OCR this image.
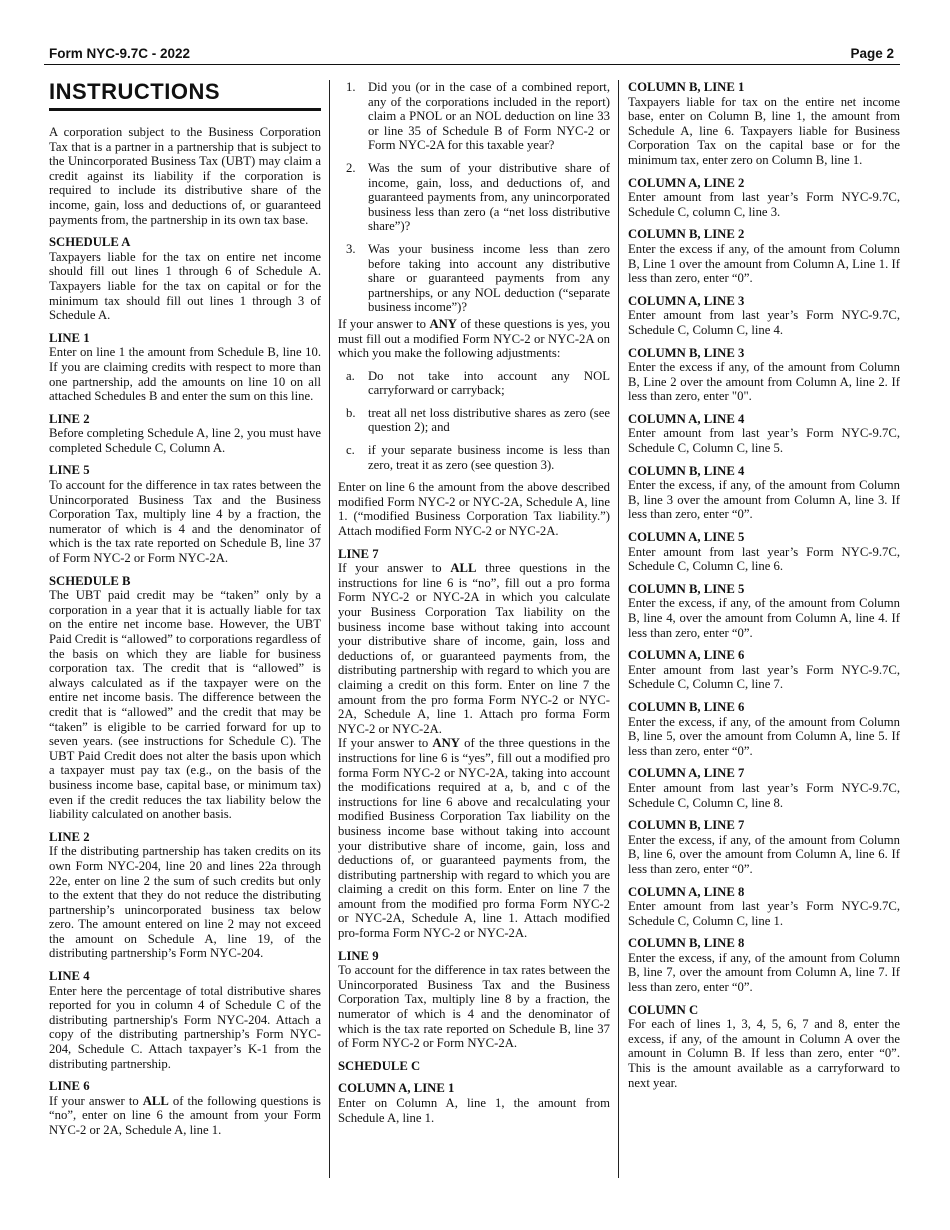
Form NYC-9.7C - 2022	Page 2
INSTRUCTIONS

A corporation subject to the Business Corporation Tax that is a partner in a partnership that is subject to the Unincorporated Business Tax (UBT) may claim a credit against its liability if the corporation is required to include its distributive share of the income, gain, loss and deductions of, or guaranteed payments from, the partnership in its own tax base.

SCHEDULE A

Taxpayers liable for the tax on entire net income should fill out lines 1 through 6 of Schedule A. Taxpayers liable for the tax on capital or for the minimum tax should fill out lines 1 through 3 of Schedule A.

LINE 1

Enter on line 1 the amount from Schedule B, line 10. If you are claiming credits with respect to more than one partnership, add the amounts on line 10 on all attached Schedules B and enter the sum on this line.

LINE 2

Before completing Schedule A, line 2, you must have completed Schedule C, Column A.

LINE 5

To account for the difference in tax rates between the Unincorporated Business Tax and the Business Corporation Tax, multiply line 4 by a fraction, the numerator of which is 4 and the denominator of which is the tax rate reported on Schedule B, line 37 of Form NYC-2 or Form NYC-2A.

SCHEDULE B

The UBT paid credit may be “taken” only by a corporation in a year that it is actually liable for tax on the entire net income base. However, the UBT Paid Credit is “allowed” to corporations regardless of the basis on which they are liable for business corporation tax. The credit that is “allowed” is always calculated as if the taxpayer were on the entire net income basis. The difference between the credit that is “allowed” and the credit that may be “taken” is eligible to be carried forward for up to seven years. (see instructions for Schedule C). The UBT Paid Credit does not alter the basis upon which a taxpayer must pay tax (e.g., on the basis of the business income base, capital base, or minimum tax) even if the credit reduces the tax liability below the liability calculated on another basis.

LINE 2

If the distributing partnership has taken credits on its own Form NYC-204, line 20 and lines 22a through 22e, enter on line 2 the sum of such credits but only to the extent that they do not reduce the distributing partnership’s unincorporated business tax below zero. The amount entered on line 2 may not exceed the amount on Schedule A, line 19, of the distributing partnership’s Form NYC-204.

LINE 4

Enter here the percentage of total distributive shares reported for you in column 4 of Schedule C of the distributing partnership's Form NYC-204. Attach a copy of the distributing partnership’s Form NYC-204, Schedule C. Attach taxpayer’s K-1 from the distributing partnership.

LINE 6

If your answer to ALL of the following questions is “no”, enter on line 6 the amount from your Form NYC-2 or 2A, Schedule A, line 1.

1. Did you (or in the case of a combined report, any of the corporations included in the report) claim a PNOL or an NOL deduction on line 33 or line 35 of Schedule B of Form NYC-2 or Form NYC-2A for this taxable year?
2. Was the sum of your distributive share of income, gain, loss, and deductions of, and guaranteed payments from, any unincorporated business less than zero (a “net loss distributive share”)?
3. Was your business income less than zero before taking into account any distributive share or guaranteed payments from any partnerships, or any NOL deduction (“separate business income”)?

If your answer to ANY of these questions is yes, you must fill out a modified Form NYC-2 or NYC-2A on which you make the following adjustments:

a.	Do not take into account any NOL carryforward or carryback;
b. treat all net loss distributive shares as zero (see question 2); and
c.	if your separate business income is less than zero, treat it as zero (see question 3).

Enter on line 6 the amount from the above described modified Form NYC-2 or NYC-2A, Schedule A, line 1. (“modified Business Corporation Tax liability.”) Attach modified Form NYC-2 or NYC-2A.

LINE 7

If your answer to ALL three questions in the instructions for line 6 is “no”, fill out a pro forma Form NYC-2 or NYC-2A in which you calculate your Business Corporation Tax liability on the business income base without taking into account your distributive share of income, gain, loss and deductions of, or guaranteed payments from, the distributing partnership with regard to which you are claiming a credit on this form. Enter on line 7 the amount from the pro forma Form NYC-2 or NYC-2A, Schedule A, line 1. Attach pro forma Form NYC-2 or NYC-2A.

If your answer to ANY of the three questions in the instructions for line 6 is “yes”, fill out a modified pro forma Form NYC-2 or NYC-2A, taking into account the modifications required at a, b, and c of the instructions for line 6 above and recalculating your modified Business Corporation Tax liability on the business income base without taking into account your distributive share of income, gain, loss and deductions of, or guaranteed payments from, the distributing partnership with regard to which you are claiming a credit on this form. Enter on line 7 the amount from the modified pro forma Form NYC-2 or NYC-2A, Schedule A, line 1. Attach modified pro-forma Form NYC-2 or NYC-2A.

LINE 9

To account for the difference in tax rates between the Unincorporated Business Tax and the Business Corporation Tax, multiply line 8 by a fraction, the numerator of which is 4 and the denominator of which is the tax rate reported on Schedule B, line 37 of Form NYC-2 or Form NYC-2A.

SCHEDULE C
COLUMN A, LINE 1

Enter on Column A, line 1, the amount from Schedule A, line 1.

COLUMN B, LINE 1

Taxpayers liable for tax on the entire net income base, enter on Column B, line 1, the amount from Schedule A, line 6. Taxpayers liable for Business Corporation Tax on the capital base or for the minimum tax, enter zero on Column B, line 1.

COLUMN A, LINE 2

Enter amount from last year’s Form NYC-9.7C, Schedule C, column C, line 3.

COLUMN B, LINE 2

Enter the excess if any, of the amount from Column B, Line 1 over the amount from Column A, Line 1. If less than zero, enter “0”.

COLUMN A, LINE 3

Enter amount from last year’s Form NYC-9.7C, Schedule C, Column C, line 4.

COLUMN B, LINE 3

Enter the excess if any, of the amount from Column B, Line 2 over the amount from Column A, line 2. If less than zero, enter "0".

COLUMN A, LINE 4

Enter amount from last year’s Form NYC-9.7C, Schedule C, Column C, line 5.

COLUMN B, LINE 4

Enter the excess, if any, of the amount from Column B, line 3 over the amount from Column A, line 3. If less than zero, enter “0”.

COLUMN A, LINE 5

Enter amount from last year’s Form NYC-9.7C, Schedule C, Column C, line 6.

COLUMN B, LINE 5

Enter the excess, if any, of the amount from Column B, line 4, over the amount from Column A, line 4. If less than zero, enter “0”.

COLUMN A, LINE 6

Enter amount from last year’s Form NYC-9.7C, Schedule C, Column C, line 7.

COLUMN B, LINE 6

Enter the excess, if any, of the amount from Column B, line 5, over the amount from Column A, line 5. If less than zero, enter “0”.

COLUMN A, LINE 7

Enter amount from last year’s Form NYC-9.7C, Schedule C, Column C, line 8.

COLUMN B, LINE 7

Enter the excess, if any, of the amount from Column B, line 6, over the amount from Column A, line 6. If less than zero, enter “0”.

COLUMN A, LINE 8

Enter amount from last year’s Form NYC-9.7C, Schedule C, Column C, line 1.

COLUMN B, LINE 8

Enter the excess, if any, of the amount from Column B, line 7, over the amount from Column A, line 7. If less than zero, enter “0”.

COLUMN C

For each of lines 1, 3, 4, 5, 6, 7 and 8, enter the excess, if any, of the amount in Column A over the amount in Column B. If less than zero, enter “0”. This is the amount available as a carryforward to next year.
